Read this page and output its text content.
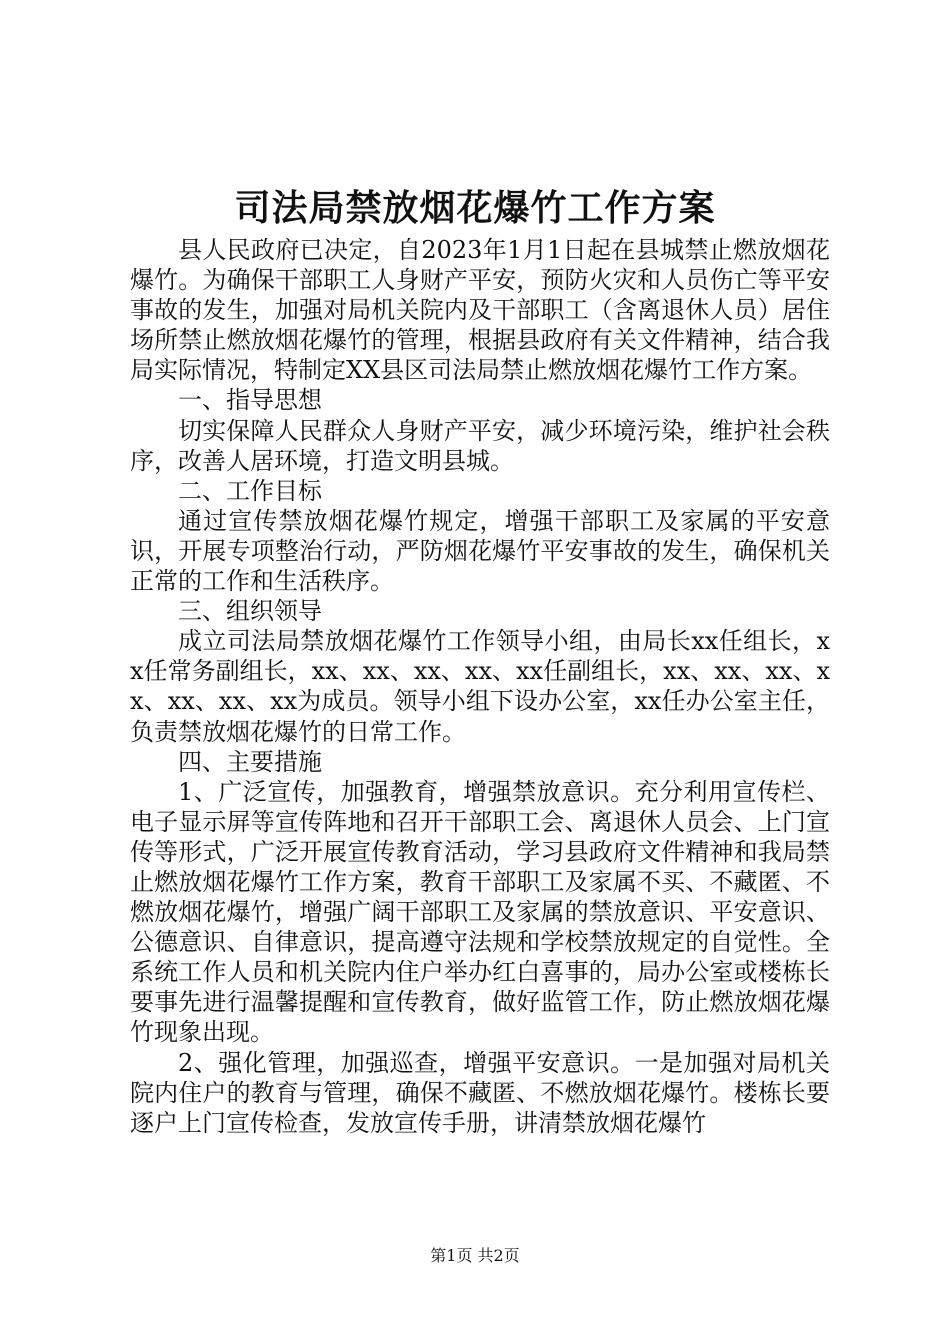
司法局禁放烟花爆竹工作方案

县人民政府已决定，自2023年1月1日起在县城禁止燃放烟花爆竹。为确保干部职工人身财产平安，预防火灾和人员伤亡等平安事故的发生，加强对局机关院内及干部职工（含离退休人员）居住场所禁止燃放烟花爆竹的管理，根据县政府有关文件精神，结合我局实际情况，特制定XX县区司法局禁止燃放烟花爆竹工作方案。

一、指导思想

切实保障人民群众人身财产平安，减少环境污染，维护社会秩序，改善人居环境，打造文明县城。

二、工作目标

通过宣传禁放烟花爆竹规定，增强干部职工及家属的平安意识，开展专项整治行动，严防烟花爆竹平安事故的发生，确保机关正常的工作和生活秩序。

三、组织领导

成立司法局禁放烟花爆竹工作领导小组，由局长xx任组长，xx任常务副组长，xx、xx、xx、xx、xx任副组长，xx、xx、xx、xx、xx、xx、xx为成员。领导小组下设办公室，xx任办公室主任，负责禁放烟花爆竹的日常工作。

四、主要措施

1、广泛宣传，加强教育，增强禁放意识。充分利用宣传栏、电子显示屏等宣传阵地和召开干部职工会、离退休人员会、上门宣传等形式，广泛开展宣传教育活动，学习县政府文件精神和我局禁止燃放烟花爆竹工作方案，教育干部职工及家属不买、不藏匿、不燃放烟花爆竹，增强广阔干部职工及家属的禁放意识、平安意识、公德意识、自律意识，提高遵守法规和学校禁放规定的自觉性。全系统工作人员和机关院内住户举办红白喜事的，局办公室或楼栋长要事先进行温馨提醒和宣传教育，做好监管工作，防止燃放烟花爆竹现象出现。

2、强化管理，加强巡查，增强平安意识。一是加强对局机关院内住户的教育与管理，确保不藏匿、不燃放烟花爆竹。楼栋长要逐户上门宣传检查，发放宣传手册，讲清禁放烟花爆竹

第1页 共2页
